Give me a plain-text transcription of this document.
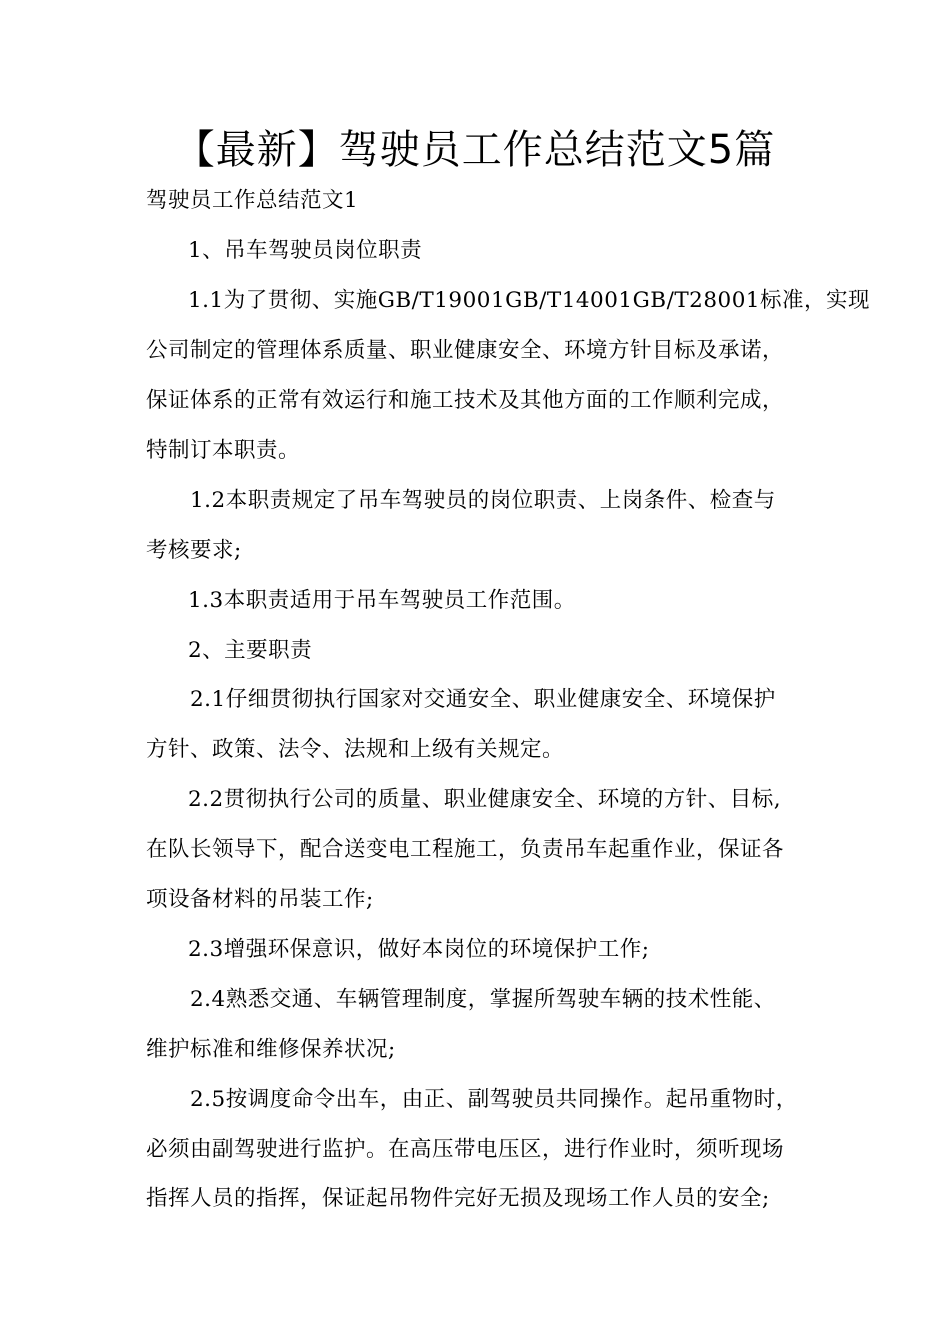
【最新】驾驶员工作总结范文5篇
驾驶员工作总结范文1
1、吊车驾驶员岗位职责
1.1为了贯彻、实施GB/T19001GB/T14001GB/T28001标准，实现
公司制定的管理体系质量、职业健康安全、环境方针目标及承诺，
保证体系的正常有效运行和施工技术及其他方面的工作顺利完成，
特制订本职责。
1.2本职责规定了吊车驾驶员的岗位职责、上岗条件、检查与
考核要求;
1.3本职责适用于吊车驾驶员工作范围。
2、主要职责
2.1仔细贯彻执行国家对交通安全、职业健康安全、环境保护
方针、政策、法令、法规和上级有关规定。
2.2贯彻执行公司的质量、职业健康安全、环境的方针、目标,
在队长领导下，配合送变电工程施工，负责吊车起重作业，保证各
项设备材料的吊装工作;
2.3增强环保意识，做好本岗位的环境保护工作;
2.4熟悉交通、车辆管理制度，掌握所驾驶车辆的技术性能、
维护标准和维修保养状况;
2.5按调度命令出车，由正、副驾驶员共同操作。起吊重物时，
必须由副驾驶进行监护。在高压带电压区，进行作业时，须听现场
指挥人员的指挥，保证起吊物件完好无损及现场工作人员的安全;
